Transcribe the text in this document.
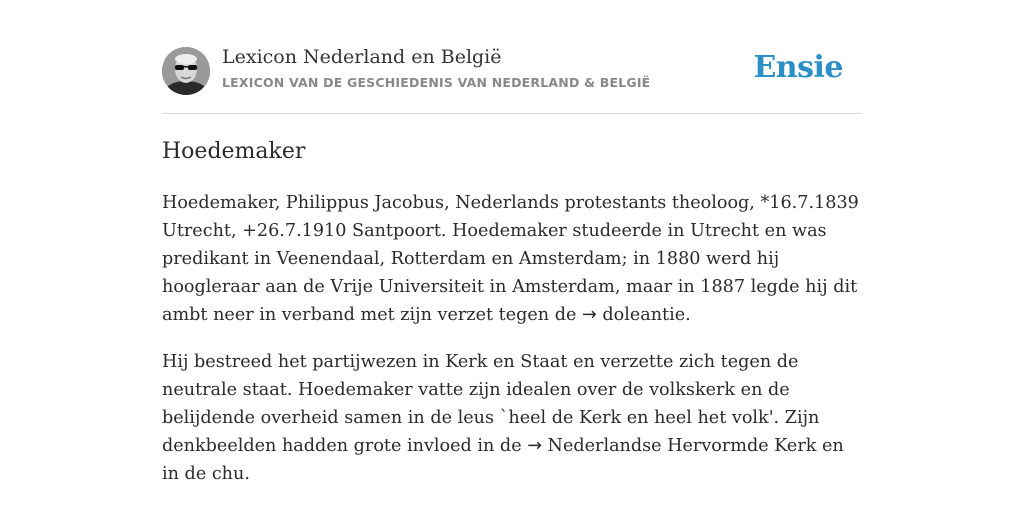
Lexicon Nederland en België
LEXICON VAN DE GESCHIEDENIS VAN NEDERLAND & BELGIË	Ensie
Hoedemaker

Hoedemaker, Philippus Jacobus, Nederlands protestants theoloog, *16.7.1839 Utrecht, +26.7.1910 Santpoort. Hoedemaker studeerde in Utrecht en was predikant in Veenendaal, Rotterdam en Amsterdam; in 1880 werd hij hoogleraar aan de Vrije Universiteit in Amsterdam, maar in 1887 legde hij dit ambt neer in verband met zijn verzet tegen de → doleantie.

Hij bestreed het partijwezen in Kerk en Staat en verzette zich tegen de neutrale staat. Hoedemaker vatte zijn idealen over de volkskerk en de belijdende overheid samen in de leus `heel de Kerk en heel het volk'. Zijn denkbeelden hadden grote invloed in de → Nederlandse Hervormde Kerk en in de chu.
